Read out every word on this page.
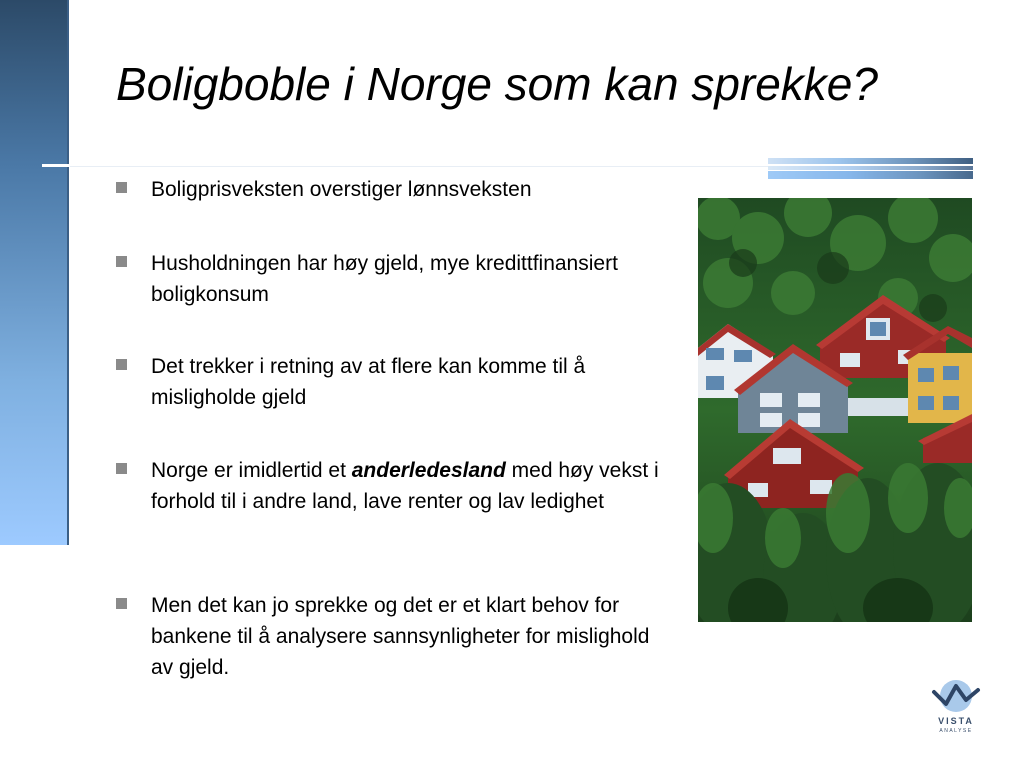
Boligboble i Norge som kan sprekke?
Boligprisveksten overstiger lønnsveksten
Husholdningen har høy gjeld, mye kredittfinansiert boligkonsum
Det trekker i retning av at flere kan komme til å misligholde gjeld
Norge er imidlertid et anderledesland med høy vekst i forhold til i andre land, lave renter og lav ledighet
Men det kan jo sprekke og det er et klart behov for bankene til å analysere sannsynligheter for mislighold av gjeld.
VISTA
ANALYSE
